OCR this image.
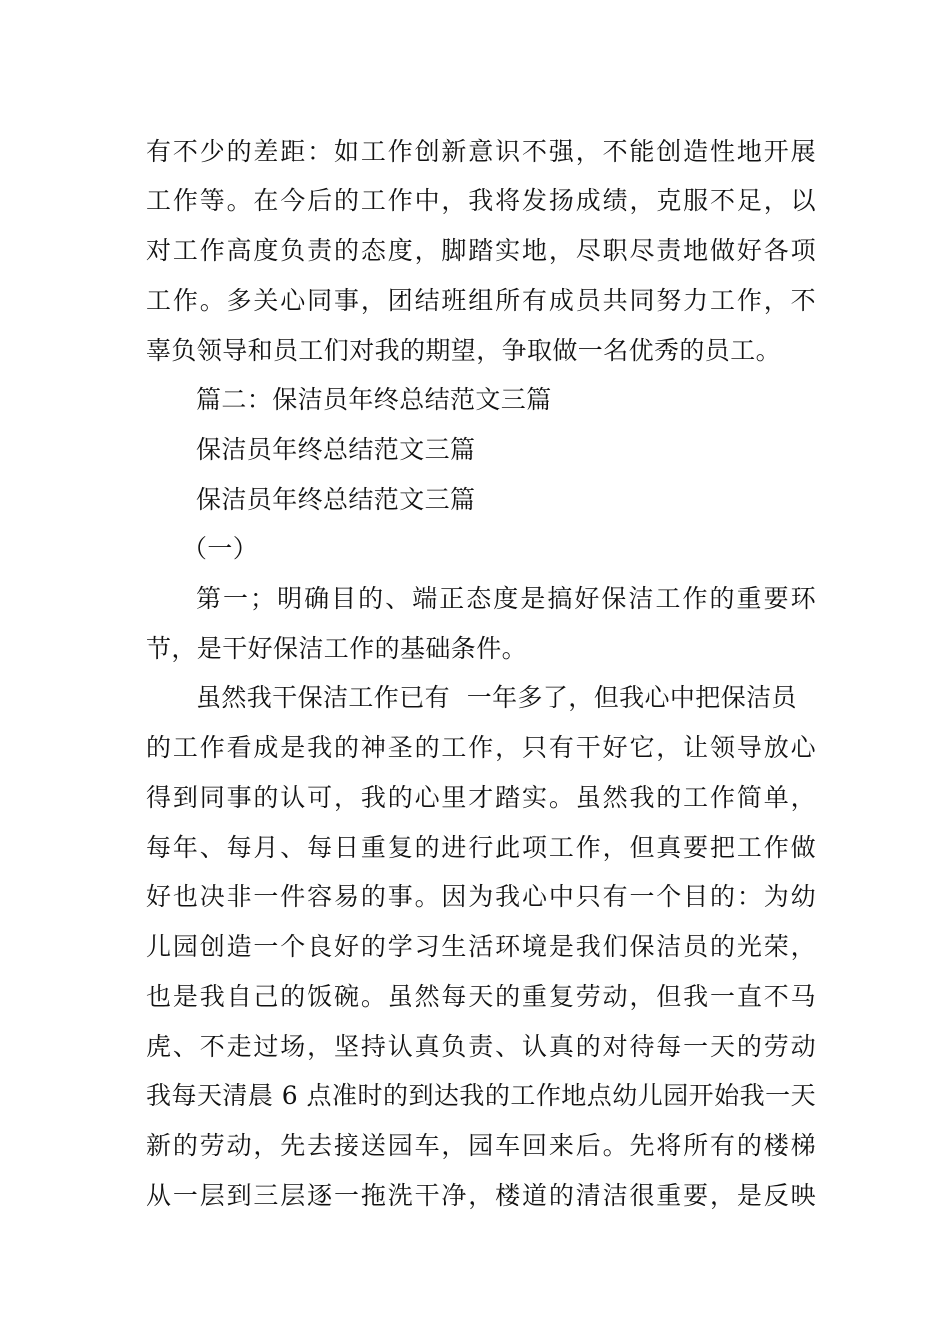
有不少的差距：如工作创新意识不强，不能创造性地开展
工作等。在今后的工作中，我将发扬成绩，克服不足，以
对工作高度负责的态度，脚踏实地，尽职尽责地做好各项
工作。多关心同事，团结班组所有成员共同努力工作，不
辜负领导和员工们对我的期望，争取做一名优秀的员工。
篇二：保洁员年终总结范文三篇
保洁员年终总结范文三篇
保洁员年终总结范文三篇
（一）
第一；明确目的、端正态度是搞好保洁工作的重要环
节，是干好保洁工作的基础条件。
虽然我干保洁工作已有  一年多了，但我心中把保洁员
的工作看成是我的神圣的工作，只有干好它，让领导放心
得到同事的认可，我的心里才踏实。虽然我的工作简单，
每年、每月、每日重复的进行此项工作，但真要把工作做
好也决非一件容易的事。因为我心中只有一个目的：为幼
儿园创造一个良好的学习生活环境是我们保洁员的光荣，
也是我自己的饭碗。虽然每天的重复劳动，但我一直不马
虎、不走过场，坚持认真负责、认真的对待每一天的劳动
我每天清晨 6 点准时的到达我的工作地点幼儿园开始我一天
新的劳动，先去接送园车，园车回来后。先将所有的楼梯
从一层到三层逐一拖洗干净，楼道的清洁很重要，是反映
